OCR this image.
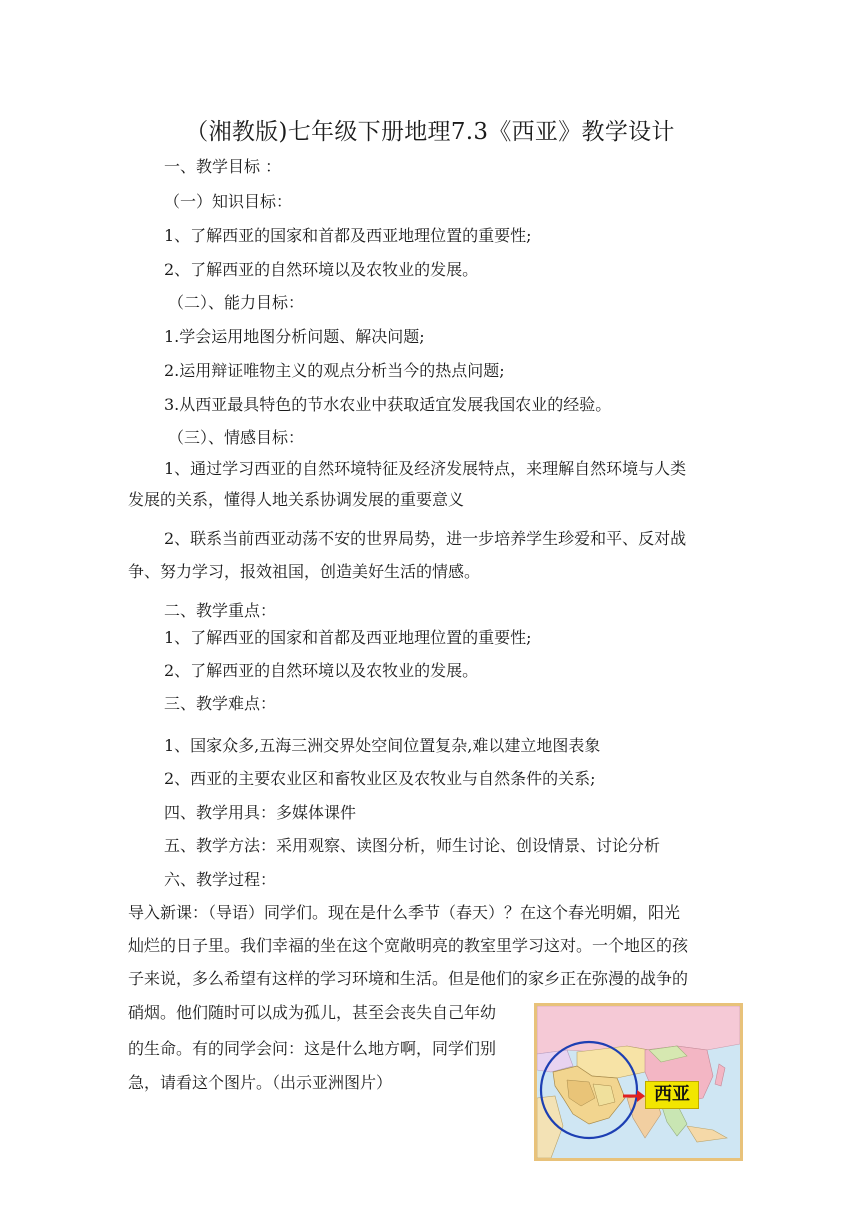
（湘教版)七年级下册地理7.3《西亚》教学设计
一、教学目标 ：
（一）知识目标：
1、了解西亚的国家和首都及西亚地理位置的重要性;
2、了解西亚的自然环境以及农牧业的发展。
（二）、能力目标：
1.学会运用地图分析问题、解决问题;
2.运用辩证唯物主义的观点分析当今的热点问题;
3.从西亚最具特色的节水农业中获取适宜发展我国农业的经验。
（三）、情感目标：
1、通过学习西亚的自然环境特征及经济发展特点，来理解自然环境与人类
发展的关系，懂得人地关系协调发展的重要意义
2、联系当前西亚动荡不安的世界局势，进一步培养学生珍爱和平、反对战
争、努力学习，报效祖国，创造美好生活的情感。
二、教学重点：
1、了解西亚的国家和首都及西亚地理位置的重要性;
2、了解西亚的自然环境以及农牧业的发展。
三、教学难点：
1、国家众多,五海三洲交界处空间位置复杂,难以建立地图表象
2、西亚的主要农业区和畜牧业区及农牧业与自然条件的关系;
四、教学用具：多媒体课件
五、教学方法：采用观察、读图分析，师生讨论、创设情景、讨论分析
六、教学过程：
导入新课：（导语）同学们。现在是什么季节（春天）？在这个春光明媚，阳光
灿烂的日子里。我们幸福的坐在这个宽敞明亮的教室里学习这对。一个地区的孩
子来说，多么希望有这样的学习环境和生活。但是他们的家乡正在弥漫的战争的
硝烟。他们随时可以成为孤儿，甚至会丧失自己年幼
的生命。有的同学会问：这是什么地方啊，同学们别
急，请看这个图片。（出示亚洲图片）
西亚
